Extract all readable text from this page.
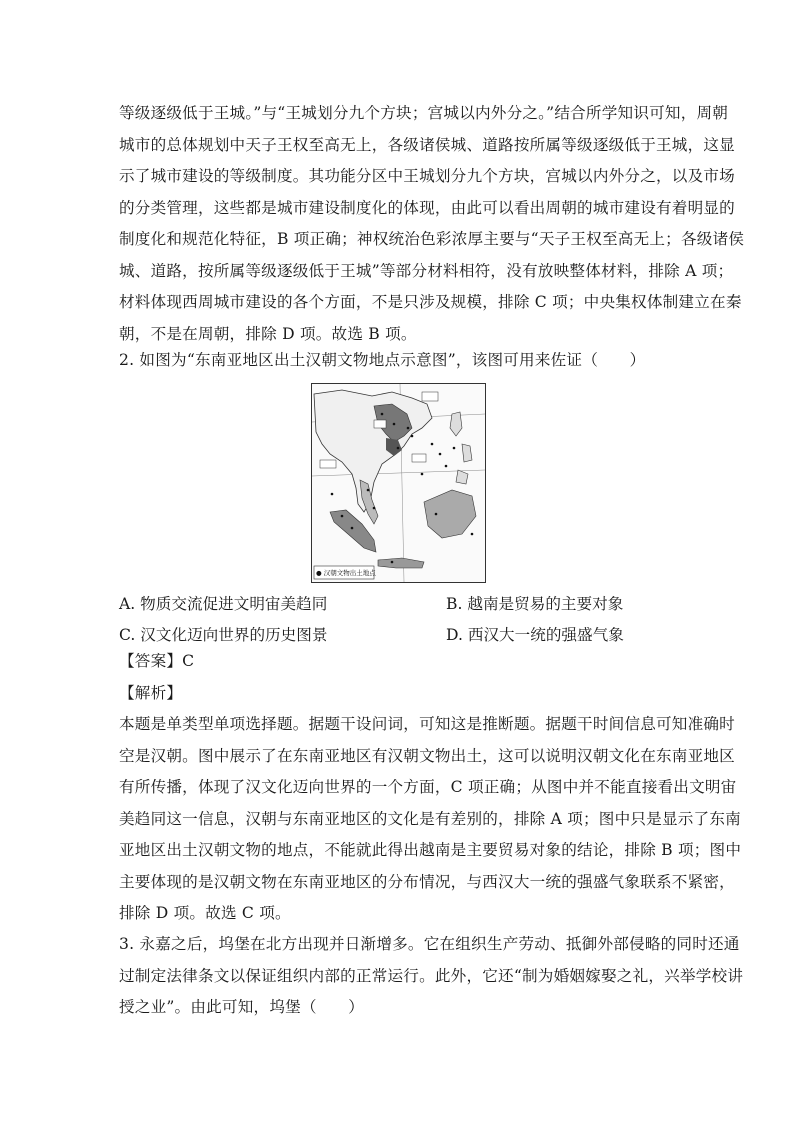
等级逐级低于王城。”与“王城划分九个方块；宫城以内外分之。”结合所学知识可知，周朝
城市的总体规划中天子王权至高无上，各级诸侯城、道路按所属等级逐级低于王城，这显
示了城市建设的等级制度。其功能分区中王城划分九个方块，宫城以内外分之，以及市场
的分类管理，这些都是城市建设制度化的体现，由此可以看出周朝的城市建设有着明显的
制度化和规范化特征，B 项正确；神权统治色彩浓厚主要与“天子王权至高无上；各级诸侯
城、道路，按所属等级逐级低于王城”等部分材料相符，没有放映整体材料，排除 A 项；
材料体现西周城市建设的各个方面，不是只涉及规模，排除 C 项；中央集权体制建立在秦
朝，不是在周朝，排除 D 项。故选 B 项。
2. 如图为“东南亚地区出土汉朝文物地点示意图”，该图可用来佐证（　　）
● 汉朝文物出土地点
A. 物质交流促进文明宙美趋同	B. 越南是贸易的主要对象
C. 汉文化迈向世界的历史图景	D. 西汉大一统的强盛气象
【答案】C
【解析】
本题是单类型单项选择题。据题干设问词，可知这是推断题。据题干时间信息可知准确时
空是汉朝。图中展示了在东南亚地区有汉朝文物出土，这可以说明汉朝文化在东南亚地区
有所传播，体现了汉文化迈向世界的一个方面，C 项正确；从图中并不能直接看出文明宙
美趋同这一信息，汉朝与东南亚地区的文化是有差别的，排除 A 项；图中只是显示了东南
亚地区出土汉朝文物的地点，不能就此得出越南是主要贸易对象的结论，排除 B 项；图中
主要体现的是汉朝文物在东南亚地区的分布情况，与西汉大一统的强盛气象联系不紧密，
排除 D 项。故选 C 项。
3. 永嘉之后，坞堡在北方出现并日渐增多。它在组织生产劳动、抵御外部侵略的同时还通
过制定法律条文以保证组织内部的正常运行。此外，它还“制为婚姻嫁娶之礼，兴举学校讲
授之业”。由此可知，坞堡（　　）
